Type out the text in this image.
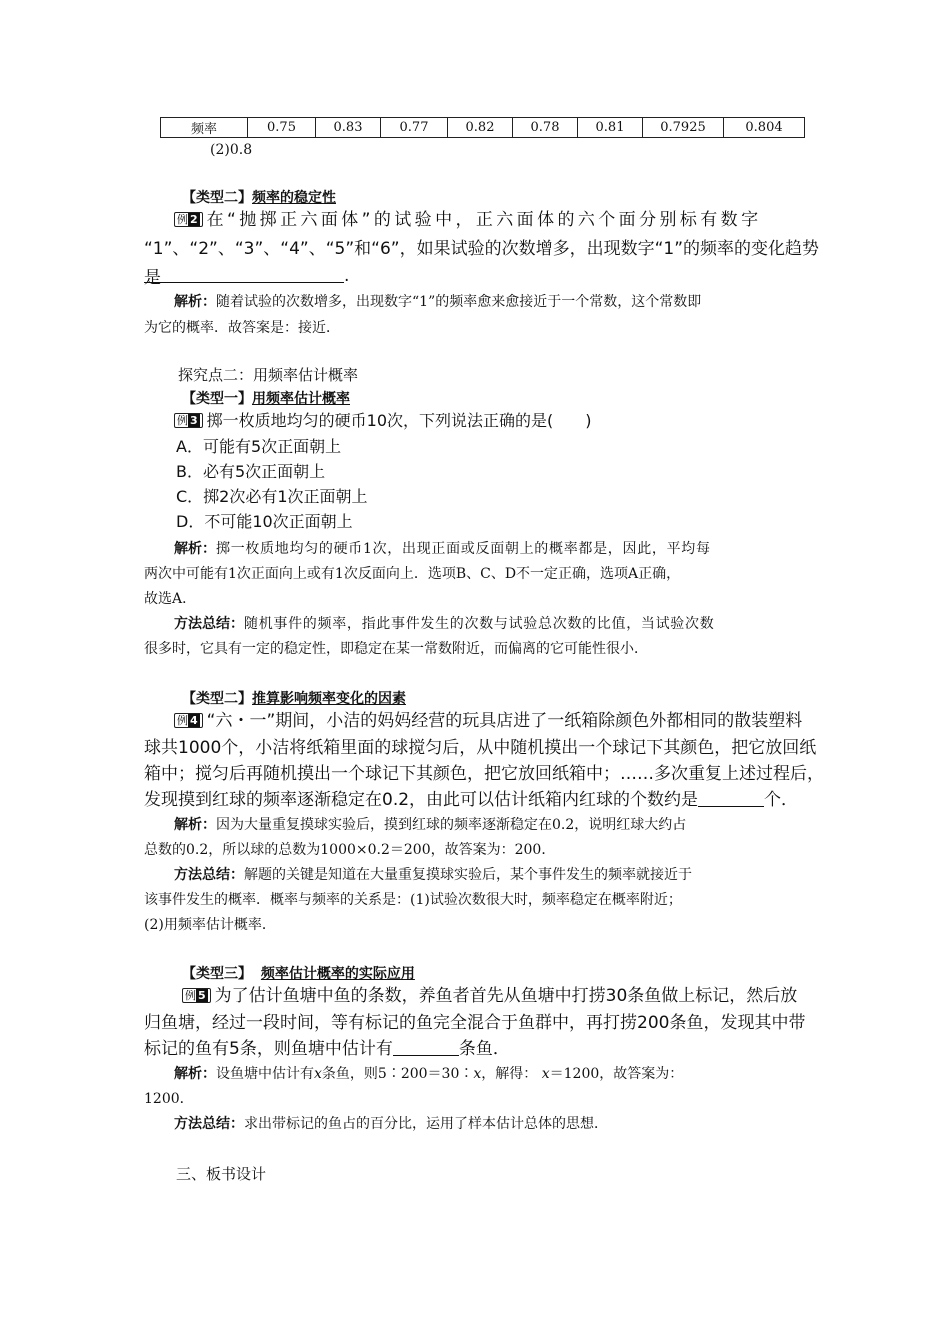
频率	0.75	0.83	0.77	0.82	0.78	0.81	0.7925	0.804
(2)0.8
【类型二】频率的稳定性
例 2 在“抛掷正六面体”的试验中，正六面体的六个面分别标有数字
“1”、“2”、“3”、“4”、“5”和“6”，如果试验的次数增多，出现数字“1”的频率的变化趋势是	.
解析：随着试验的次数增多，出现数字“1”的频率愈来愈接近于一个常数，这个常数即
为它的概率．故答案是：接近．
探究点二：用频率估计概率
【类型一】用频率估计概率
例 3 掷一枚质地均匀的硬币10次，下列说法正确的是(　　)
A．可能有5次正面朝上
B．必有5次正面朝上
C．掷2次必有1次正面朝上
D．不可能10次正面朝上
解析：掷一枚质地均匀的硬币1次，出现正面或反面朝上的概率都是，因此，平均每
两次中可能有1次正面向上或有1次反面向上．选项B、C、D不一定正确，选项A正确，
故选A．
方法总结：随机事件的频率，指此事件发生的次数与试验总次数的比值，当试验次数
很多时，它具有一定的稳定性，即稳定在某一常数附近，而偏离的它可能性很小．
【类型二】推算影响频率变化的因素
例 4 “六・一”期间，小洁的妈妈经营的玩具店进了一纸箱除颜色外都相同的散装塑料
球共1000个，小洁将纸箱里面的球搅匀后，从中随机摸出一个球记下其颜色，把它放回纸
箱中；搅匀后再随机摸出一个球记下其颜色，把它放回纸箱中；……多次重复上述过程后，
发现摸到红球的频率逐渐稳定在0.2，由此可以估计纸箱内红球的个数约是	个．
解析：因为大量重复摸球实验后，摸到红球的频率逐渐稳定在0.2，说明红球大约占
总数的0.2，所以球的总数为1000×0.2＝200，故答案为：200．
方法总结：解题的关键是知道在大量重复摸球实验后，某个事件发生的频率就接近于
该事件发生的概率．概率与频率的关系是：(1)试验次数很大时，频率稳定在概率附近；
(2)用频率估计概率．
【类型三】 频率估计概率的实际应用
例 5 为了估计鱼塘中鱼的条数，养鱼者首先从鱼塘中打捞30条鱼做上标记，然后放
归鱼塘，经过一段时间，等有标记的鱼完全混合于鱼群中，再打捞200条鱼，发现其中带
标记的鱼有5条，则鱼塘中估计有	条鱼．
解析：设鱼塘中估计有x条鱼，则5∶200＝30∶x，解得： x＝1200，故答案为：
1200．
方法总结：求出带标记的鱼占的百分比，运用了样本估计总体的思想．
三、板书设计
